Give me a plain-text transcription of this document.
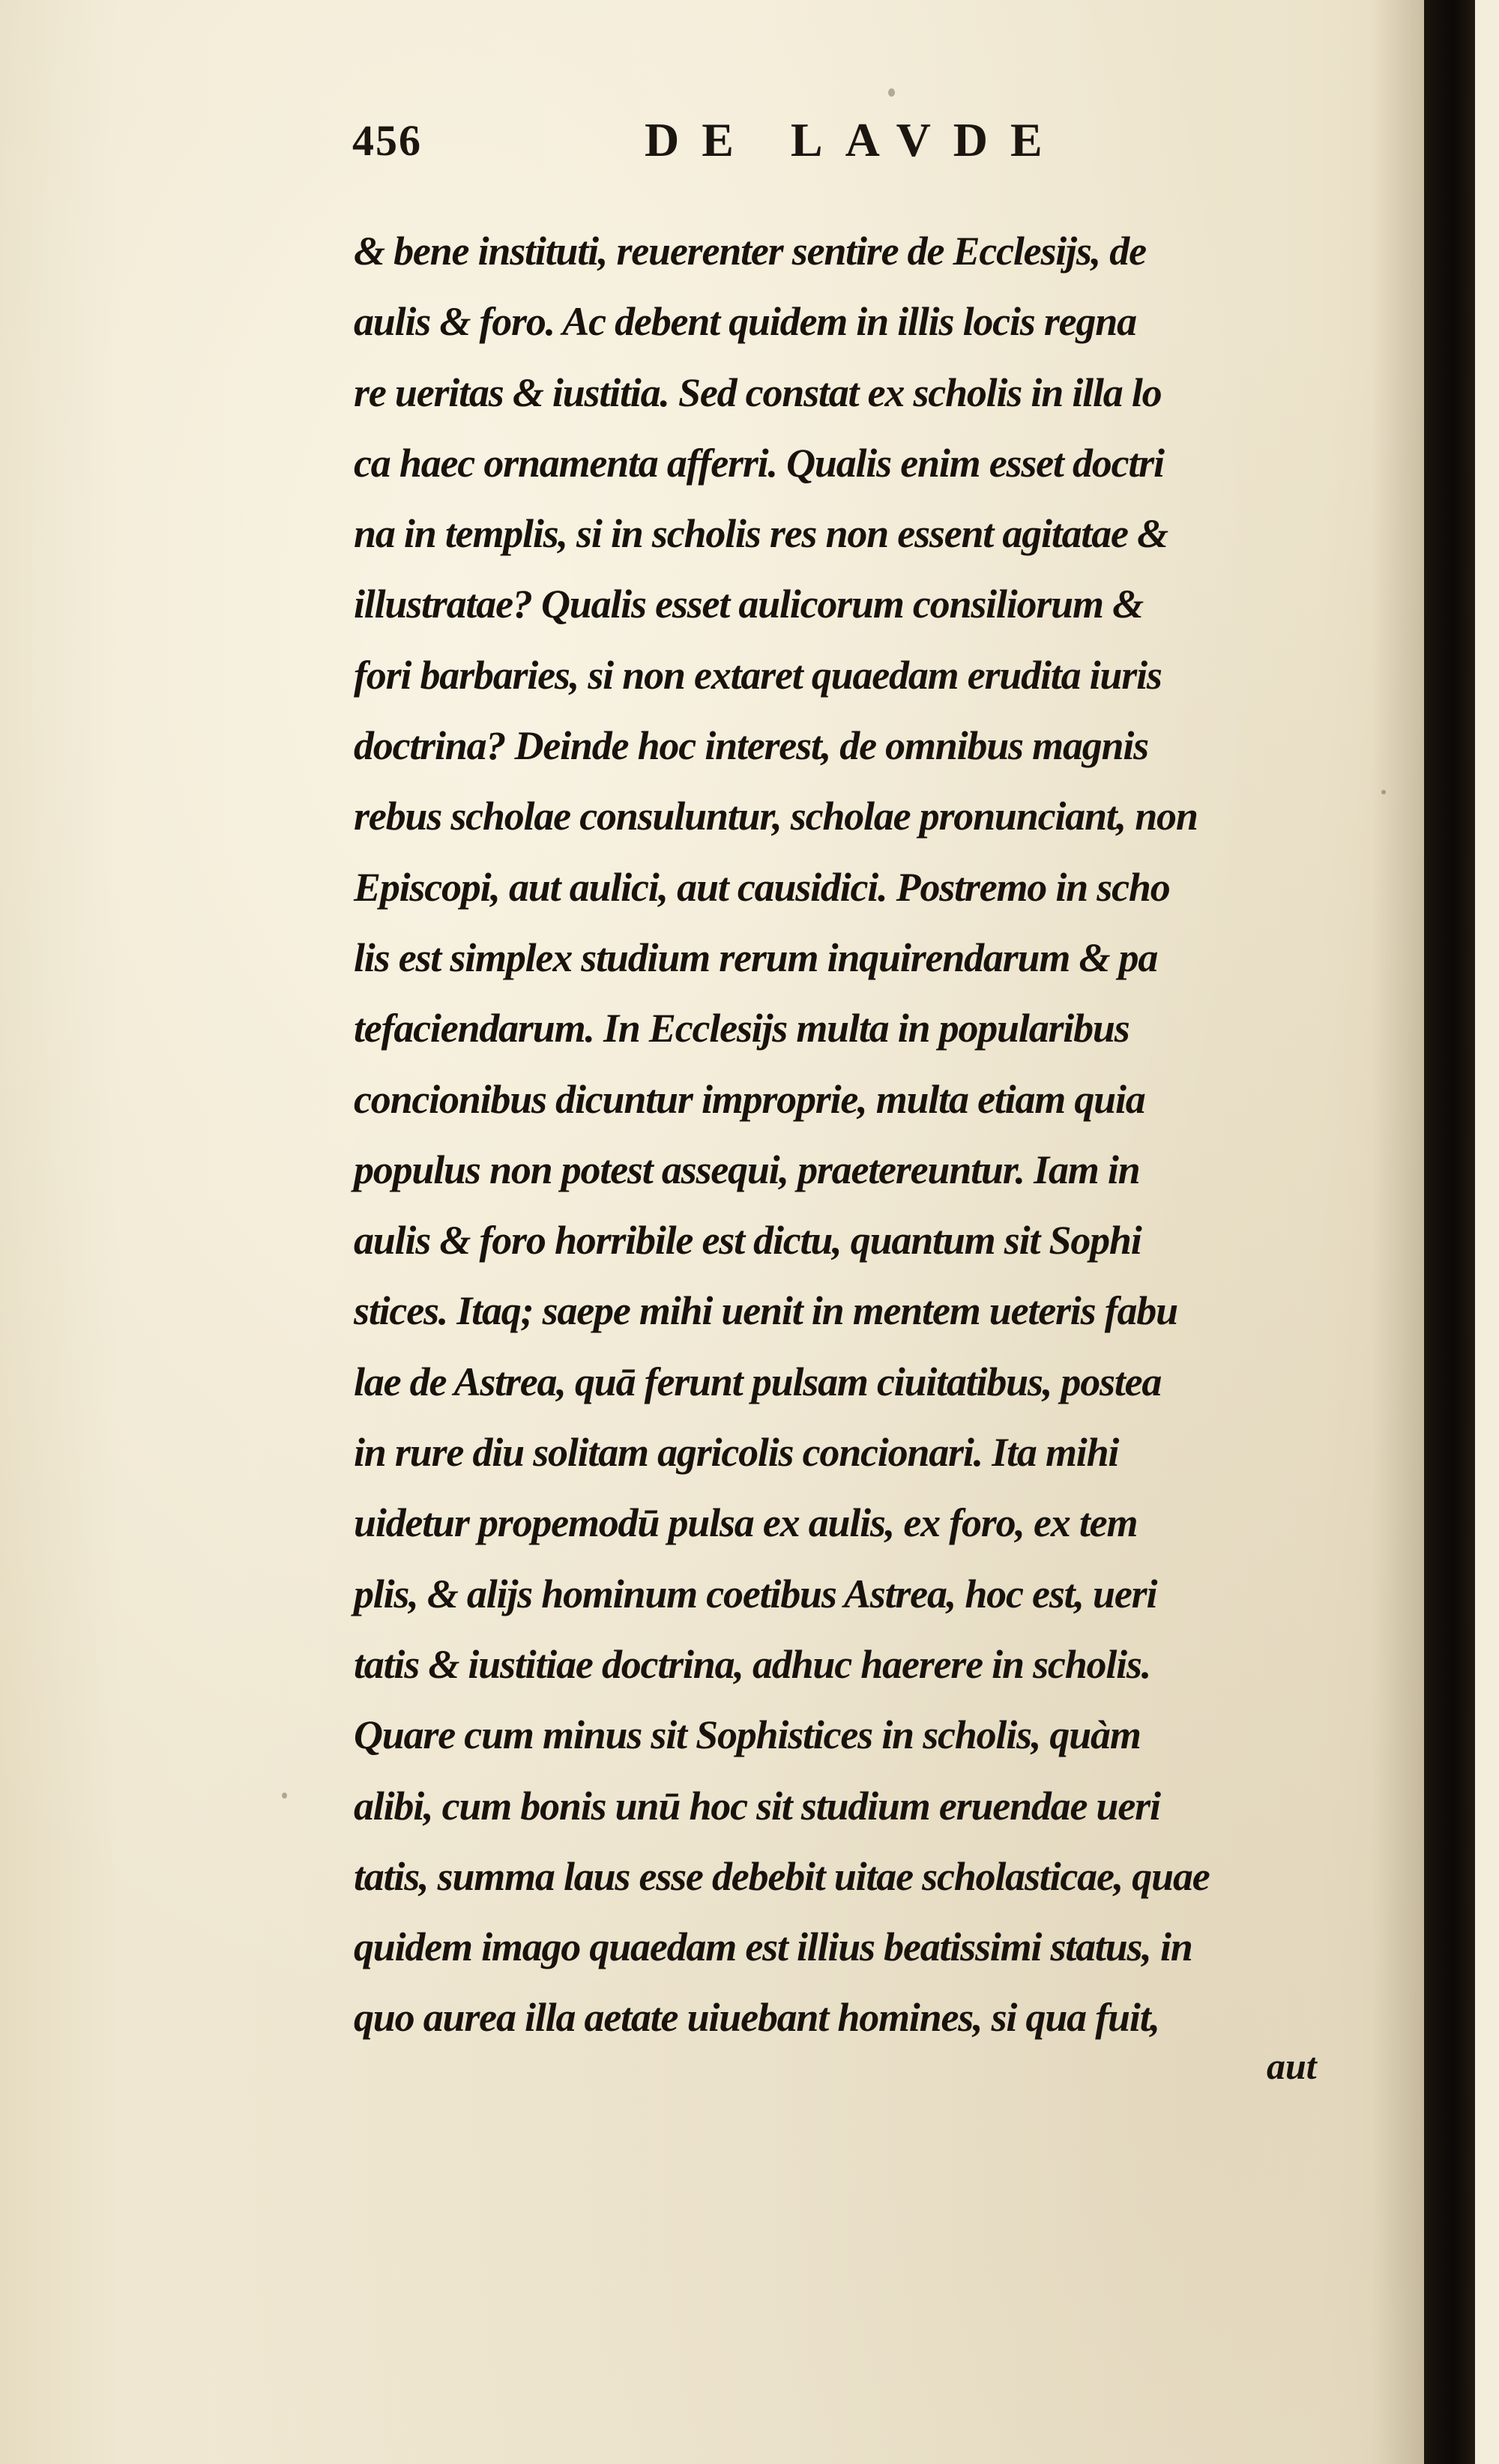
456	DE LAVDE
& bene instituti, reuerenter sentire de Ecclesijs, de
aulis & foro. Ac debent quidem in illis locis regna
re ueritas & iustitia. Sed constat ex scholis in illa lo
ca haec ornamenta afferri. Qualis enim esset doctri
na in templis, si in scholis res non essent agitatae &
illustratae? Qualis esset aulicorum consiliorum &
fori barbaries, si non extaret quaedam erudita iuris
doctrina? Deinde hoc interest, de omnibus magnis
rebus scholae consuluntur, scholae pronunciant, non
Episcopi, aut aulici, aut causidici. Postremo in scho
lis est simplex studium rerum inquirendarum & pa
tefaciendarum. In Ecclesijs multa in popularibus
concionibus dicuntur improprie, multa etiam quia
populus non potest assequi, praetereuntur. Iam in
aulis & foro horribile est dictu, quantum sit Sophi
stices. Itaq; saepe mihi uenit in mentem ueteris fabu
lae de Astrea, quā ferunt pulsam ciuitatibus, postea
in rure diu solitam agricolis concionari. Ita mihi
uidetur propemodū pulsa ex aulis, ex foro, ex tem
plis, & alijs hominum coetibus Astrea, hoc est, ueri
tatis & iustitiae doctrina, adhuc haerere in scholis.
Quare cum minus sit Sophistices in scholis, quàm
alibi, cum bonis unū hoc sit studium eruendae ueri
tatis, summa laus esse debebit uitae scholasticae, quae
quidem imago quaedam est illius beatissimi status, in
quo aurea illa aetate uiuebant homines, si qua fuit,
aut
